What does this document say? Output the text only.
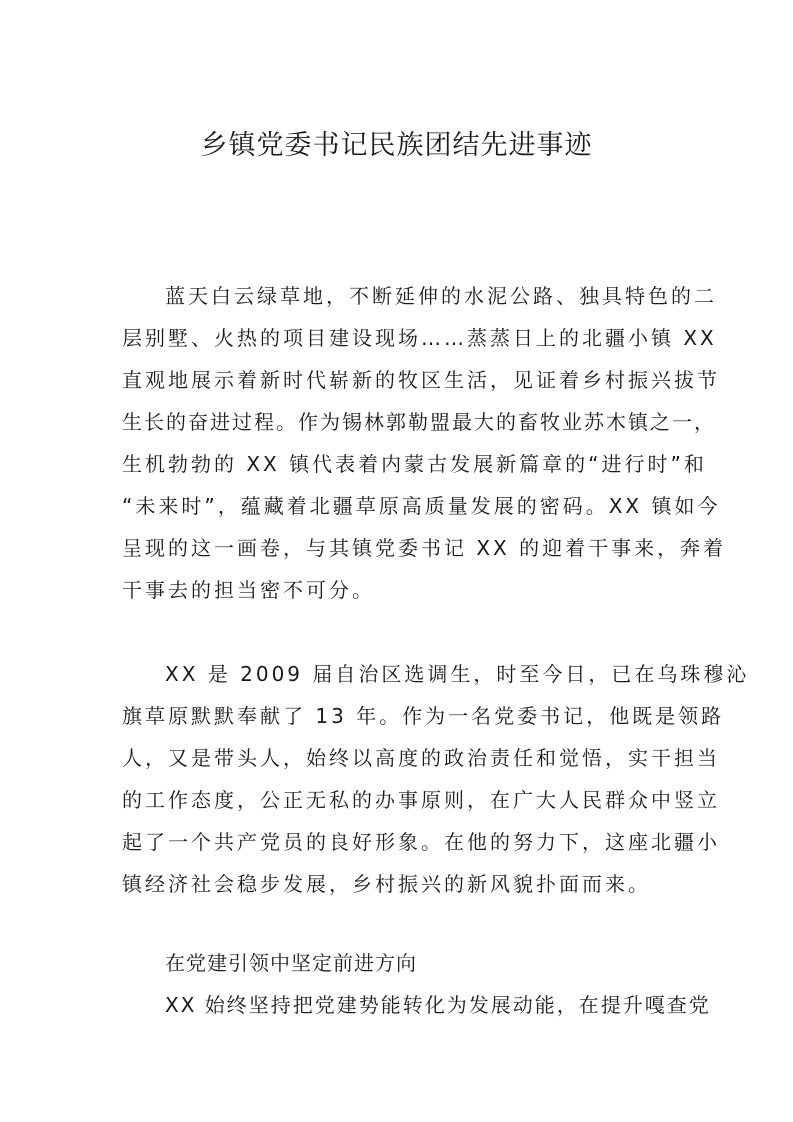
乡镇党委书记民族团结先进事迹
蓝天白云绿草地，不断延伸的水泥公路、独具特色的二
层别墅、火热的项目建设现场……蒸蒸日上的北疆小镇 XX
直观地展示着新时代崭新的牧区生活，见证着乡村振兴拔节
生长的奋进过程。作为锡林郭勒盟最大的畜牧业苏木镇之一，
生机勃勃的 XX 镇代表着内蒙古发展新篇章的“进行时”和
“未来时”，蕴藏着北疆草原高质量发展的密码。XX 镇如今
呈现的这一画卷，与其镇党委书记 XX 的迎着干事来，奔着
干事去的担当密不可分。
XX 是 2009 届自治区选调生，时至今日，已在乌珠穆沁
旗草原默默奉献了 13 年。作为一名党委书记，他既是领路
人，又是带头人，始终以高度的政治责任和觉悟，实干担当
的工作态度，公正无私的办事原则，在广大人民群众中竖立
起了一个共产党员的良好形象。在他的努力下，这座北疆小
镇经济社会稳步发展，乡村振兴的新风貌扑面而来。
在党建引领中坚定前进方向
XX 始终坚持把党建势能转化为发展动能，在提升嘎查党
